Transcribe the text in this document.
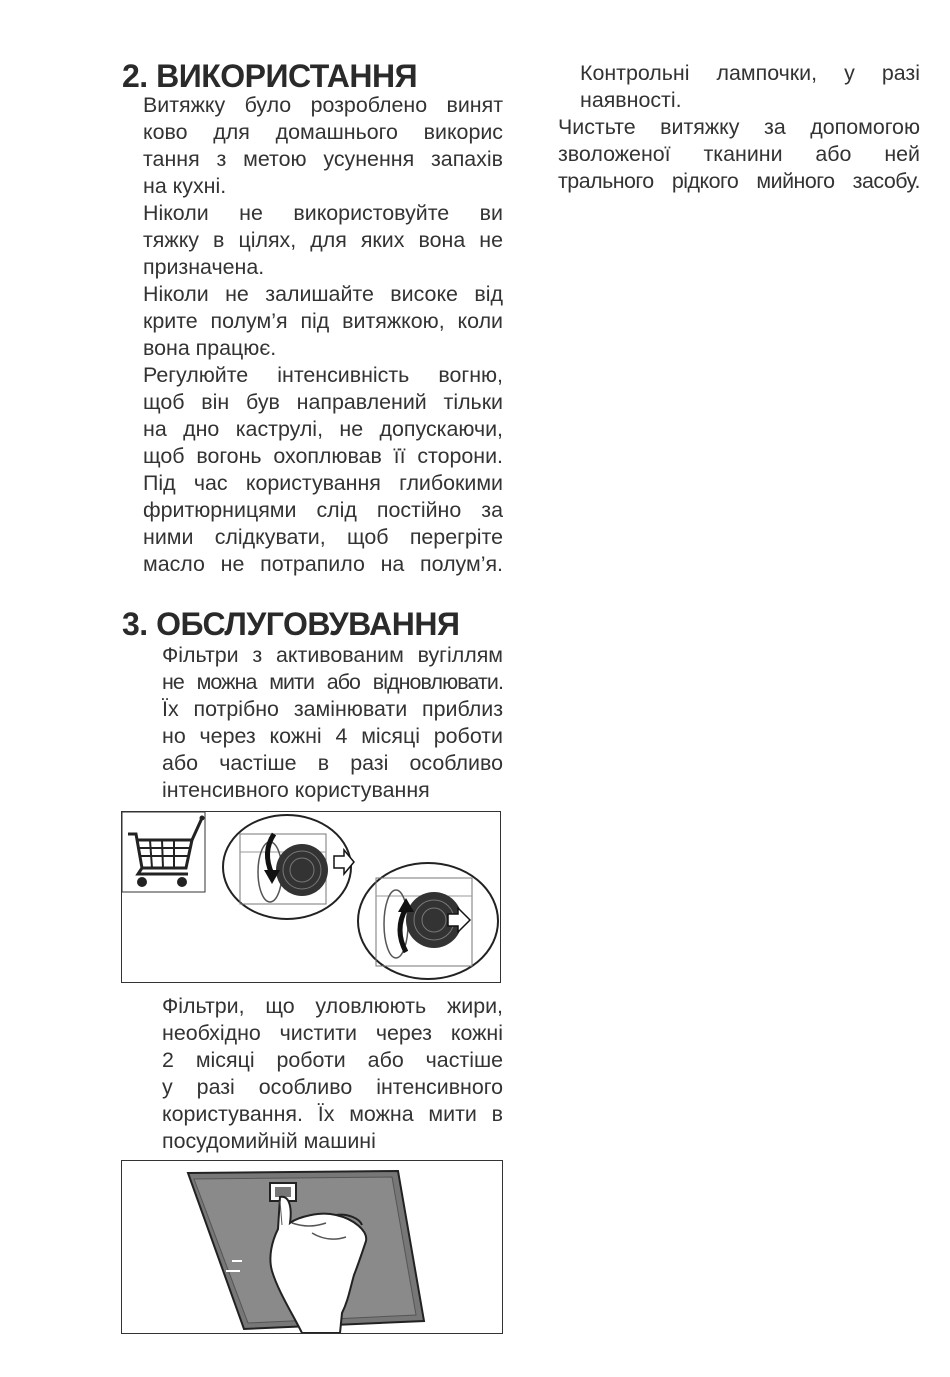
2. ВИКОРИСТАННЯ
Витяжку було розроблено винят
ково для домашнього викорис
тання з метою усунення запахів
на кухні.
Ніколи не використовуйте ви
тяжку в цілях, для яких вона не
призначена.
Ніколи не залишайте високе від
крите полум’я під витяжкою, коли
вона працює.
Регулюйте інтенсивність вогню,
щоб він був направлений тільки
на дно каструлі, не допускаючи,
щоб вогонь охоплював її сторони.
Під час користування глибокими
фритюрницями слід постійно за
ними слідкувати, щоб перегріте
масло не потрапило на полум’я.
3. ОБСЛУГОВУВАННЯ
Фільтри з активованим вугіллям
не можна мити або відновлювати.
Їх потрібно замінювати приблиз
но через кожні 4 місяці роботи
або частіше в разі особливо
інтенсивного користування
Фільтри, що уловлюють жири,
необхідно чистити через кожні
2 місяці роботи або частіше
у разі особливо інтенсивного
користування. Їх можна мити в
посудомийній машині
Контрольні лампочки, у разі
наявності.
Чистьте витяжку за допомогою
зволоженої тканини або ней
трального рідкого мийного засобу.
